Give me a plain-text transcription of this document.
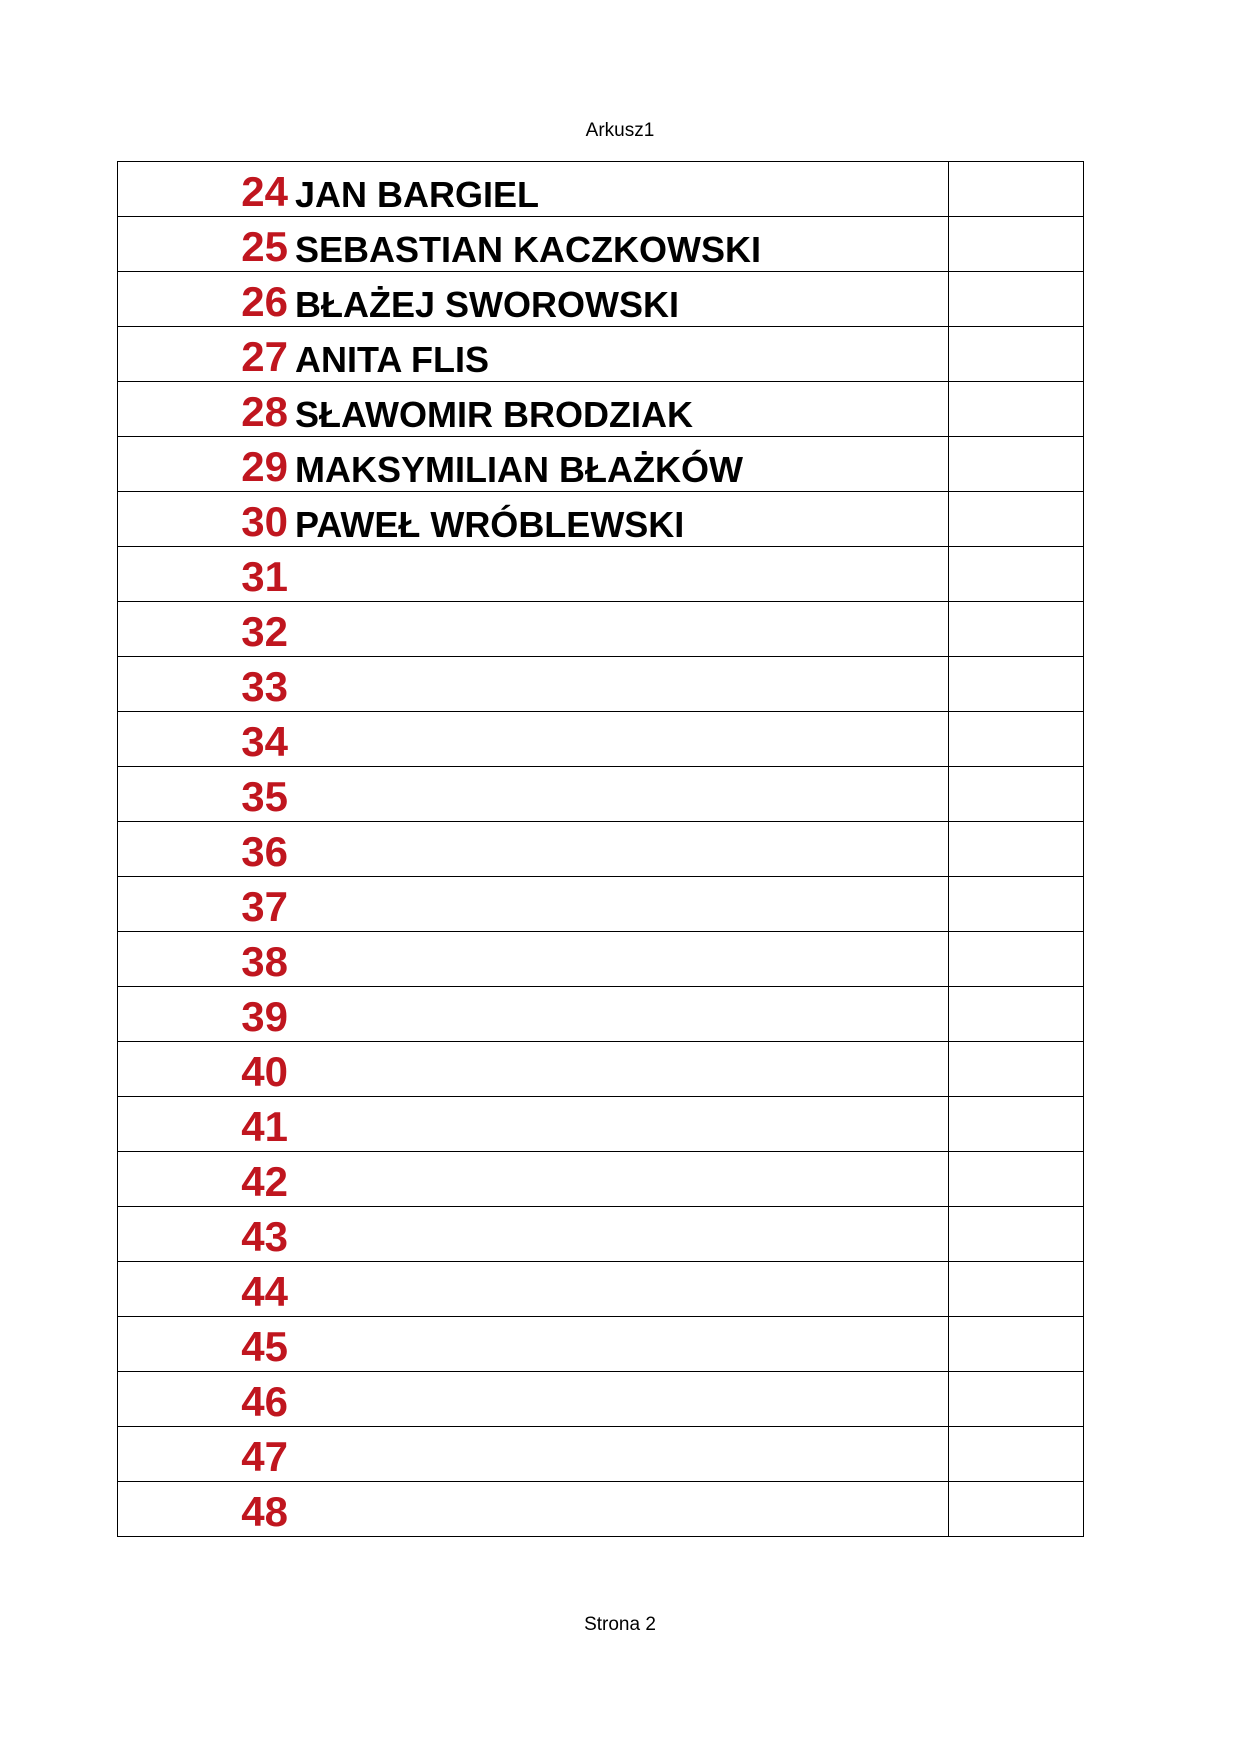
Arkusz1
24 JAN BARGIEL	

25 SEBASTIAN KACZKOWSKI	

26 BŁAŻEJ SWOROWSKI	

27 ANITA FLIS	

28 SŁAWOMIR BRODZIAK	

29 MAKSYMILIAN BŁAŻKÓW	

30 PAWEŁ WRÓBLEWSKI	

31	

32	

33	

34	

35	

36	

37	

38	

39	

40	

41	

42	

43	

44	

45	

46	

47	

48	

Strona 2
